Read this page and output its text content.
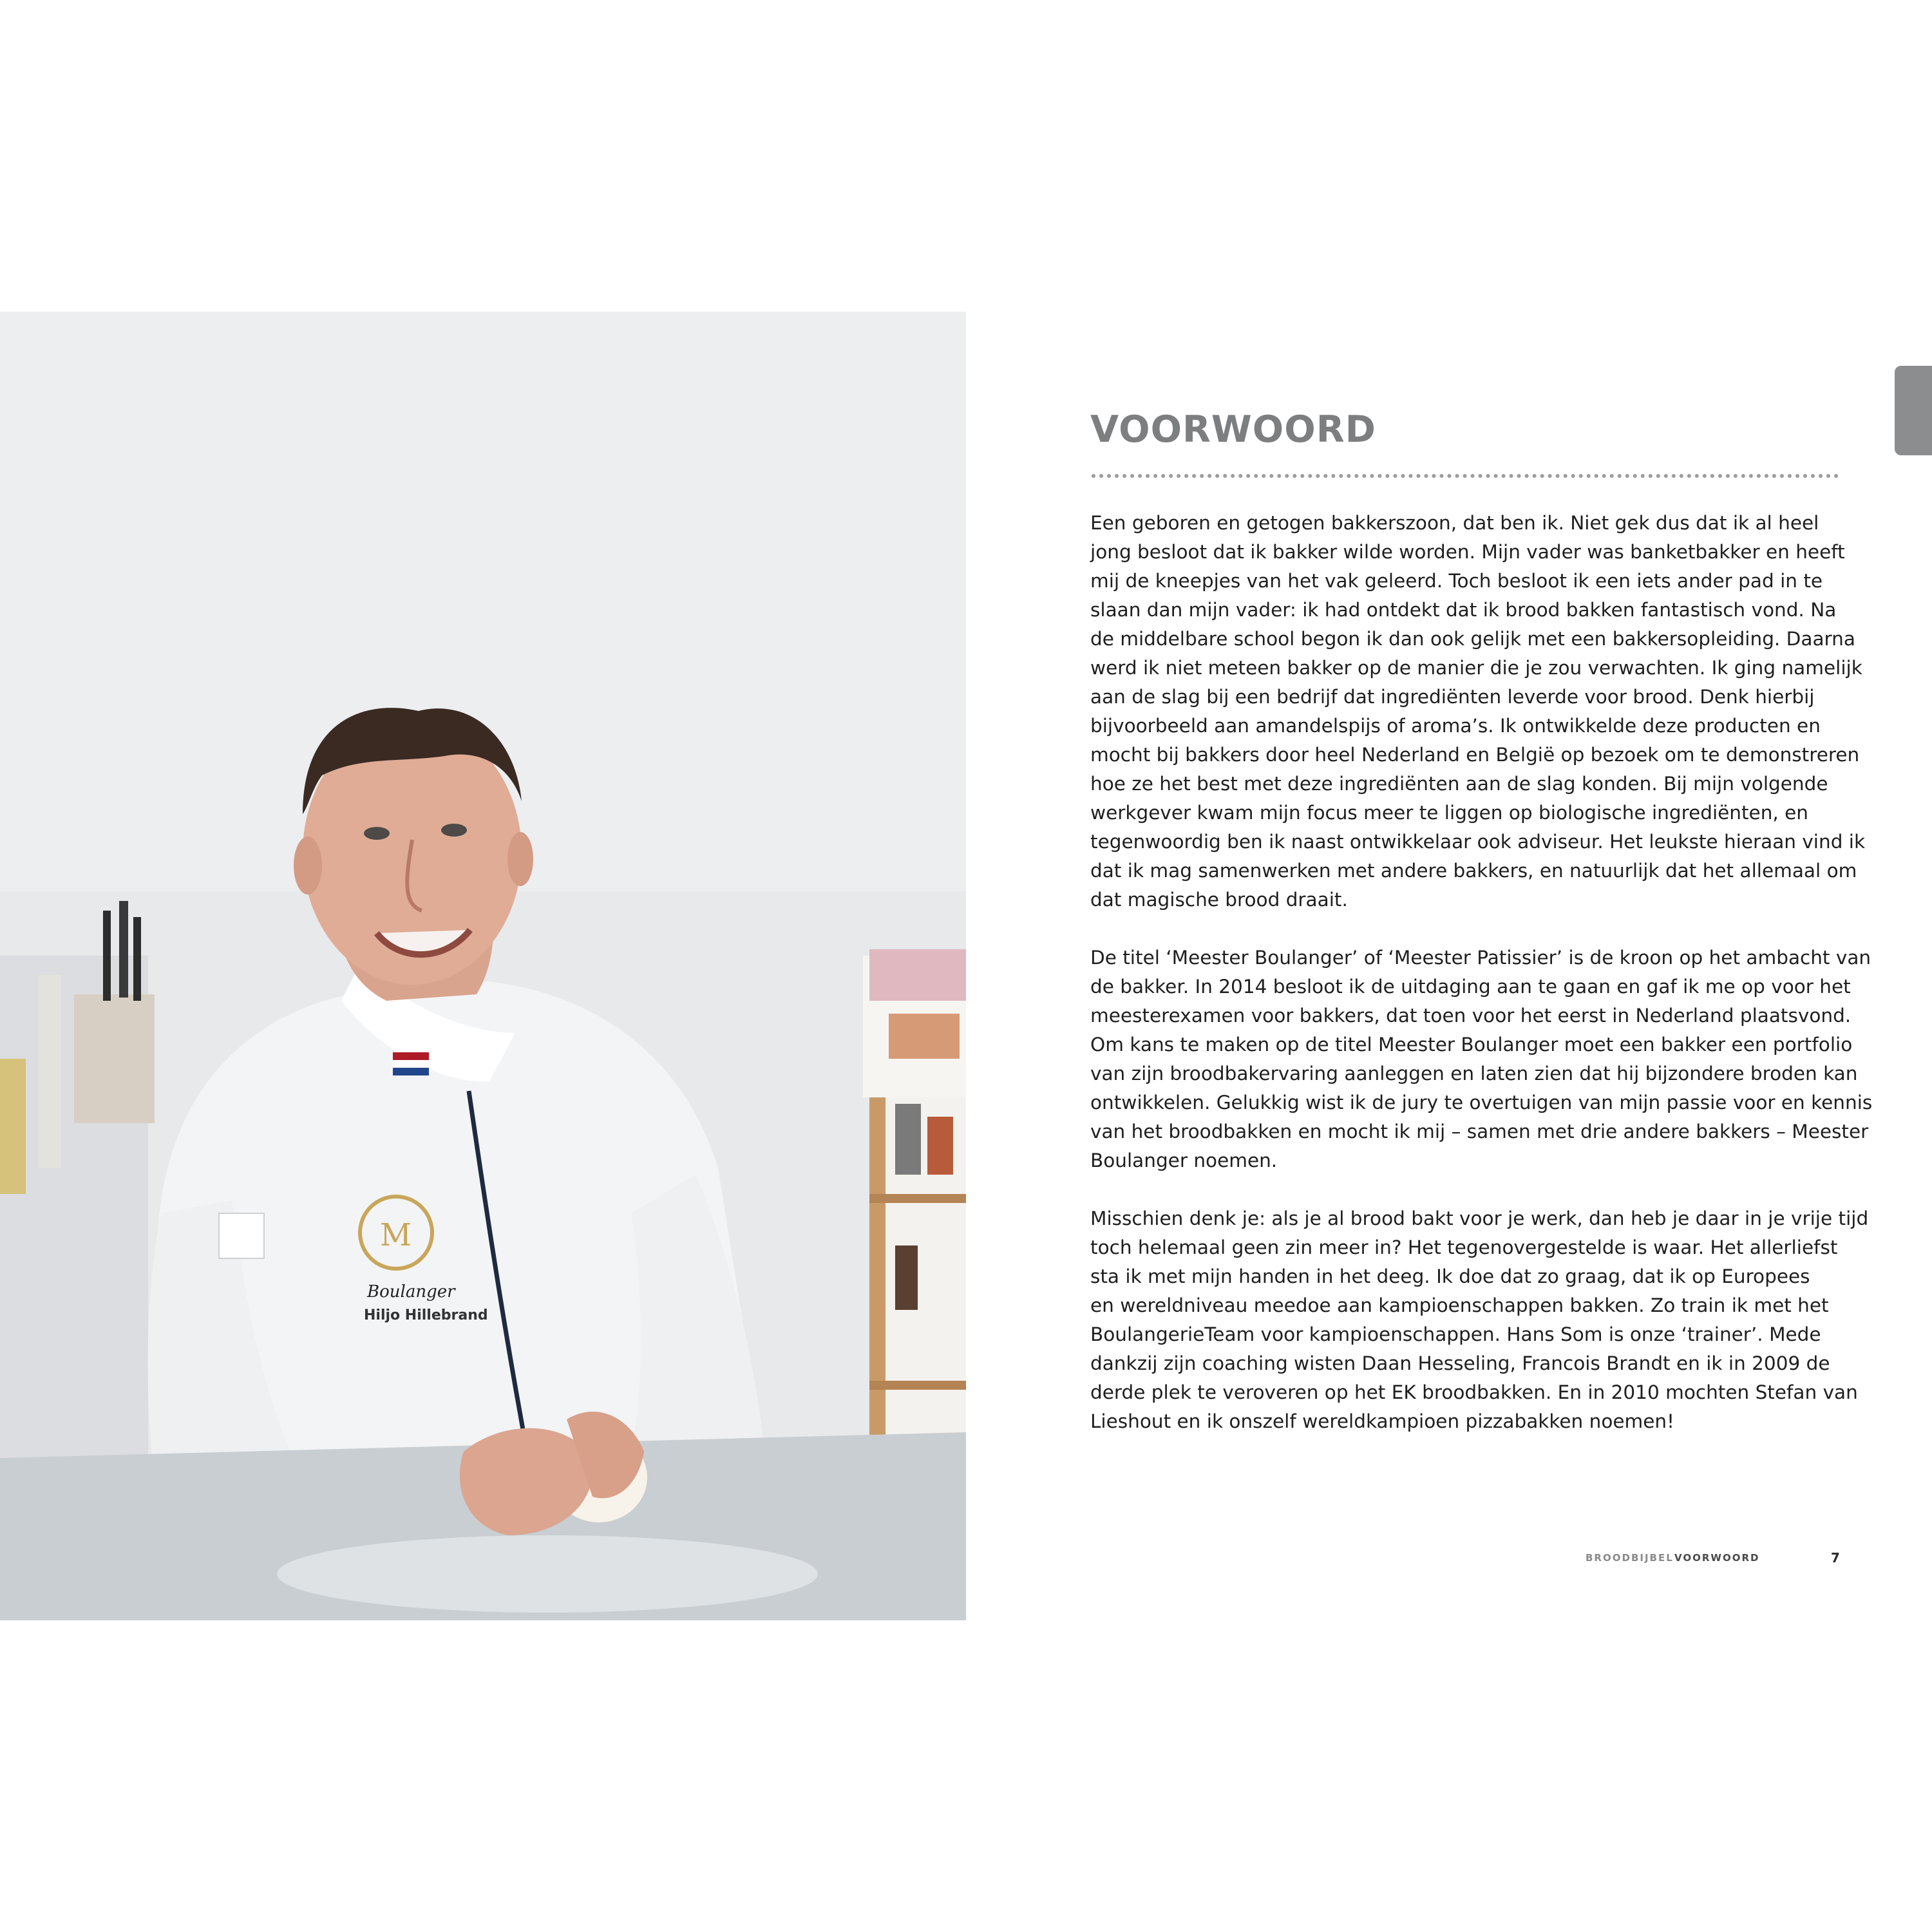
M
Boulanger
Hiljo Hillebrand
VOORWOORD

Een geboren en getogen bakkerszoon, dat ben ik. Niet gek dus dat ik al heel
jong besloot dat ik bakker wilde worden. Mijn vader was banketbakker en heeft
mij de kneepjes van het vak geleerd. Toch besloot ik een iets ander pad in te
slaan dan mijn vader: ik had ontdekt dat ik brood bakken fantastisch vond. Na
de middelbare school begon ik dan ook gelijk met een bakkersopleiding. Daarna
werd ik niet meteen bakker op de manier die je zou verwachten. Ik ging namelijk
aan de slag bij een bedrijf dat ingrediënten leverde voor brood. Denk hierbij
bijvoorbeeld aan amandelspijs of aroma’s. Ik ontwikkelde deze producten en
mocht bij bakkers door heel Nederland en België op bezoek om te demonstreren
hoe ze het best met deze ingrediënten aan de slag konden. Bij mijn volgende
werkgever kwam mijn focus meer te liggen op biologische ingrediënten, en
tegenwoordig ben ik naast ontwikkelaar ook adviseur. Het leukste hieraan vind ik
dat ik mag samenwerken met andere bakkers, en natuurlijk dat het allemaal om
dat magische brood draait.

De titel ‘Meester Boulanger’ of ‘Meester Patissier’ is de kroon op het ambacht van
de bakker. In 2014 besloot ik de uitdaging aan te gaan en gaf ik me op voor het
meesterexamen voor bakkers, dat toen voor het eerst in Nederland plaatsvond.
Om kans te maken op de titel Meester Boulanger moet een bakker een portfolio
van zijn broodbakervaring aanleggen en laten zien dat hij bijzondere broden kan
ontwikkelen. Gelukkig wist ik de jury te overtuigen van mijn passie voor en kennis
van het broodbakken en mocht ik mij – samen met drie andere bakkers – Meester
Boulanger noemen.

Misschien denk je: als je al brood bakt voor je werk, dan heb je daar in je vrije tijd
toch helemaal geen zin meer in? Het tegenovergestelde is waar. Het allerliefst
sta ik met mijn handen in het deeg. Ik doe dat zo graag, dat ik op Europees
en wereldniveau meedoe aan kampioenschappen bakken. Zo train ik met het
BoulangerieTeam voor kampioenschappen. Hans Som is onze ‘trainer’. Mede
dankzij zijn coaching wisten Daan Hesseling, Francois Brandt en ik in 2009 de
derde plek te veroveren op het EK broodbakken. En in 2010 mochten Stefan van
Lieshout en ik onszelf wereldkampioen pizzabakken noemen!

BROODBIJBEL VOORWOORD	7
